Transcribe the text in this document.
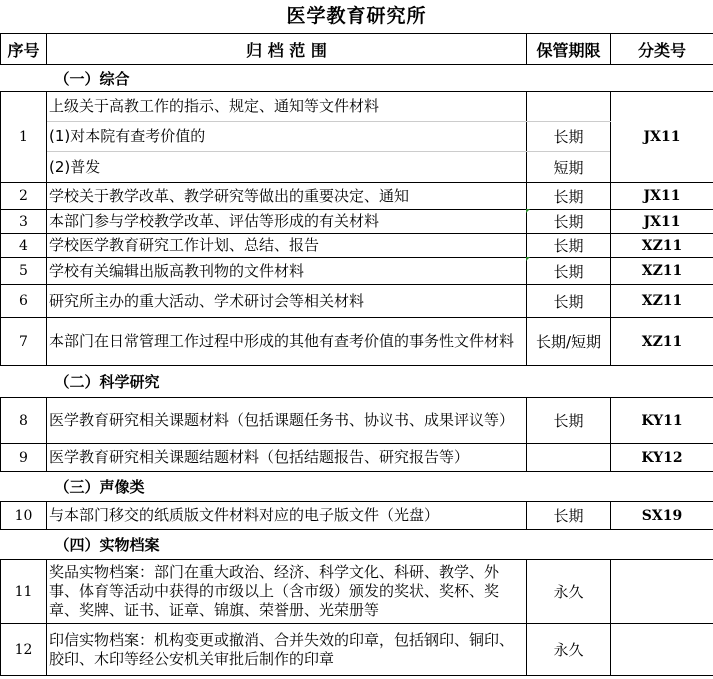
医学教育研究所
序号	归 档 范 围	保管期限	分类号
	（一）综合		
1	上级关于高教工作的指示、规定、通知等文件材料		JX11
	(1)对本院有查考价值的	长期	
	(2)普发	短期	
2	学校关于教学改革、教学研究等做出的重要决定、通知	长期	JX11
3	本部门参与学校教学改革、评估等形成的有关材料	长期	JX11
4	学校医学教育研究工作计划、总结、报告	长期	XZ11
5	学校有关编辑出版高教刊物的文件材料	长期	XZ11
6	研究所主办的重大活动、学术研讨会等相关材料	长期	XZ11
7	本部门在日常管理工作过程中形成的其他有查考价值的事务性文件材料	长期/短期	XZ11
	（二）科学研究		
8	医学教育研究相关课题材料（包括课题任务书、协议书、成果评议等）	长期	KY11
9	医学教育研究相关课题结题材料（包括结题报告、研究报告等）		KY12
	（三）声像类		
10	与本部门移交的纸质版文件材料对应的电子版文件（光盘）	长期	SX19
	（四）实物档案		
11	奖品实物档案：部门在重大政治、经济、科学文化、科研、教学、外事、体育等活动中获得的市级以上（含市级）颁发的奖状、奖杯、奖章、奖牌、证书、证章、锦旗、荣誉册、光荣册等	永久	
12	印信实物档案：机构变更或撤消、合并失效的印章，包括钢印、铜印、胶印、木印等经公安机关审批后制作的印章	永久	
